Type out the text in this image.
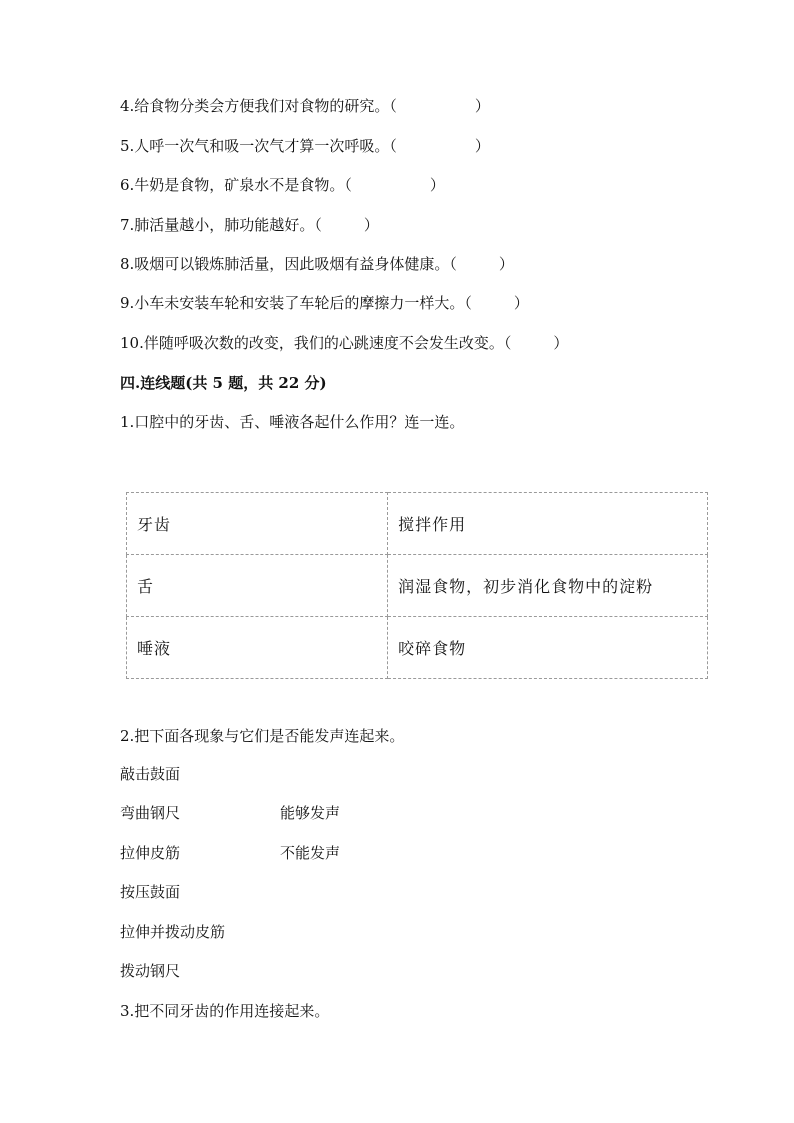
4.给食物分类会方便我们对食物的研究。（	）
5.人呼一次气和吸一次气才算一次呼吸。（	）
6.牛奶是食物，矿泉水不是食物。（	）
7.肺活量越小，肺功能越好。（	）
8.吸烟可以锻炼肺活量，因此吸烟有益身体健康。（	）
9.小车未安装车轮和安装了车轮后的摩擦力一样大。（	）
10.伴随呼吸次数的改变，我们的心跳速度不会发生改变。（	）
四.连线题(共 5 题，共 22 分)
1.口腔中的牙齿、舌、唾液各起什么作用？连一连。
牙齿	搅拌作用
舌	润湿食物，初步消化食物中的淀粉
唾液	咬碎食物
2.把下面各现象与它们是否能发声连起来。
敲击鼓面
弯曲钢尺
拉伸皮筋
按压鼓面
拉伸并拨动皮筋
拨动钢尺
能够发声
不能发声
3.把不同牙齿的作用连接起来。
